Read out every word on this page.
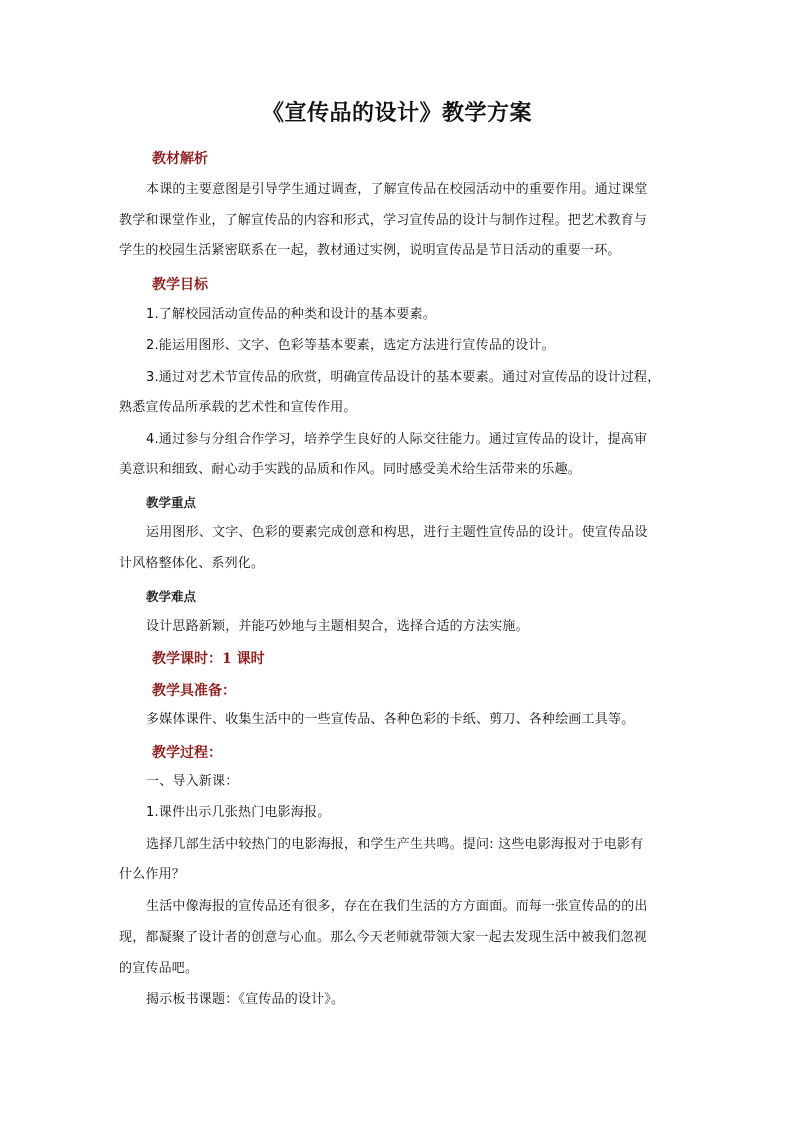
《宣传品的设计》教学方案
教材解析
本课的主要意图是引导学生通过调查，了解宣传品在校园活动中的重要作用。通过课堂
教学和课堂作业，了解宣传品的内容和形式，学习宣传品的设计与制作过程。把艺术教育与
学生的校园生活紧密联系在一起，教材通过实例，说明宣传品是节日活动的重要一环。
教学目标
1.了解校园活动宣传品的种类和设计的基本要素。
2.能运用图形、文字、色彩等基本要素，选定方法进行宣传品的设计。
3.通过对艺术节宣传品的欣赏，明确宣传品设计的基本要素。通过对宣传品的设计过程，
熟悉宣传品所承载的艺术性和宣传作用。
4.通过参与分组合作学习，培养学生良好的人际交往能力。通过宣传品的设计，提高审
美意识和细致、耐心动手实践的品质和作风。同时感受美术给生活带来的乐趣。
教学重点
运用图形、文字、色彩的要素完成创意和构思，进行主题性宣传品的设计。使宣传品设
计风格整体化、系列化。
教学难点
设计思路新颖，并能巧妙地与主题相契合，选择合适的方法实施。
教学课时：1 课时
教学具准备：
多媒体课件、收集生活中的一些宣传品、各种色彩的卡纸、剪刀、各种绘画工具等。
教学过程：
一、导入新课：
1.课件出示几张热门电影海报。
选择几部生活中较热门的电影海报，和学生产生共鸣。提问: 这些电影海报对于电影有
什么作用？
生活中像海报的宣传品还有很多，存在在我们生活的方方面面。而每一张宣传品的的出
现，都凝聚了设计者的创意与心血。那么今天老师就带领大家一起去发现生活中被我们忽视
的宣传品吧。
揭示板书课题：《宣传品的设计》。
